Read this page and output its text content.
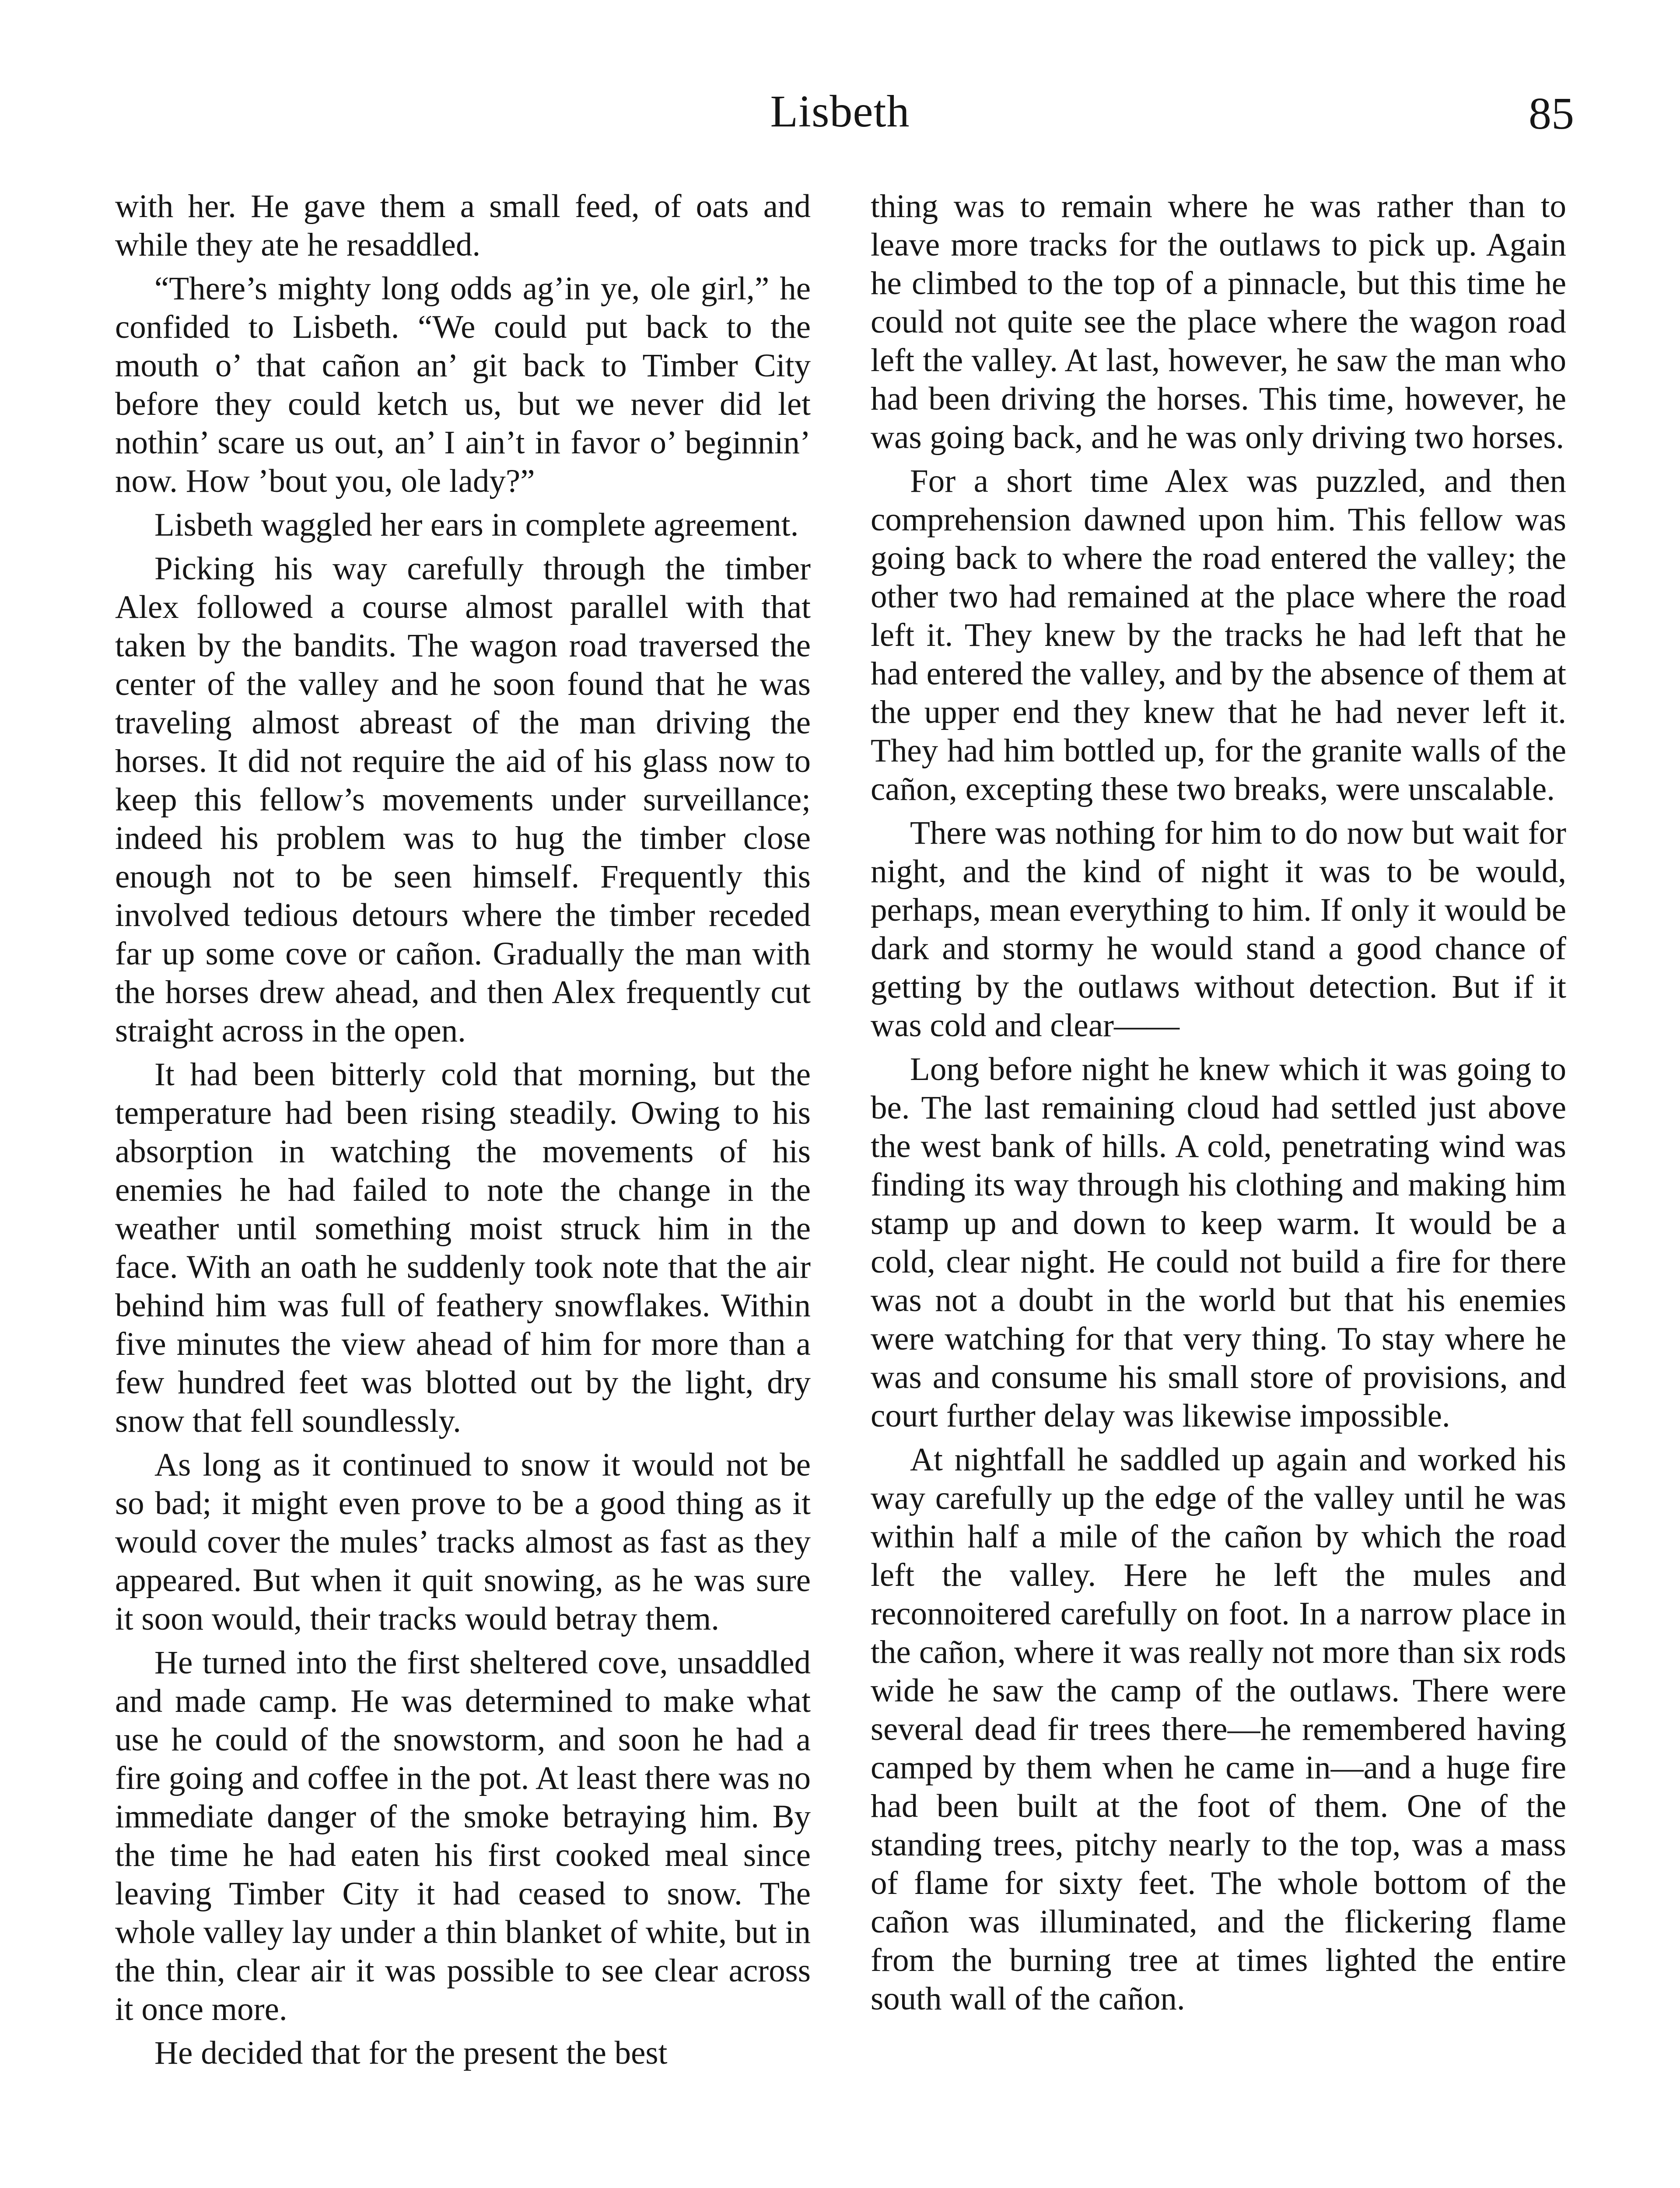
Lisbeth	85

with her. He gave them a small feed, of oats and while they ate he resaddled.

“There’s mighty long odds ag’in ye, ole girl,” he confided to Lisbeth. “We could put back to the mouth o’ that cañon an’ git back to Timber City before they could ketch us, but we never did let nothin’ scare us out, an’ I ain’t in favor o’ beginnin’ now. How ’bout you, ole lady?”

Lisbeth waggled her ears in complete agreement.

Picking his way carefully through the timber Alex followed a course almost parallel with that taken by the bandits. The wagon road traversed the center of the valley and he soon found that he was traveling almost abreast of the man driving the horses. It did not require the aid of his glass now to keep this fellow’s movements under surveillance; indeed his problem was to hug the timber close enough not to be seen himself. Frequently this involved tedious detours where the timber receded far up some cove or cañon. Gradually the man with the horses drew ahead, and then Alex frequently cut straight across in the open.

It had been bitterly cold that morning, but the temperature had been rising steadily. Owing to his absorption in watching the movements of his enemies he had failed to note the change in the weather until something moist struck him in the face. With an oath he suddenly took note that the air behind him was full of feathery snowflakes. Within five minutes the view ahead of him for more than a few hundred feet was blotted out by the light, dry snow that fell soundlessly.

As long as it continued to snow it would not be so bad; it might even prove to be a good thing as it would cover the mules’ tracks almost as fast as they appeared. But when it quit snowing, as he was sure it soon would, their tracks would betray them.

He turned into the first sheltered cove, unsaddled and made camp. He was determined to make what use he could of the snowstorm, and soon he had a fire going and coffee in the pot. At least there was no immediate danger of the smoke betraying him. By the time he had eaten his first cooked meal since leaving Timber City it had ceased to snow. The whole valley lay under a thin blanket of white, but in the thin, clear air it was possible to see clear across it once more.

He decided that for the present the best

thing was to remain where he was rather than to leave more tracks for the outlaws to pick up. Again he climbed to the top of a pinnacle, but this time he could not quite see the place where the wagon road left the valley. At last, however, he saw the man who had been driving the horses. This time, however, he was going back, and he was only driving two horses.

For a short time Alex was puzzled, and then comprehension dawned upon him. This fellow was going back to where the road entered the valley; the other two had remained at the place where the road left it. They knew by the tracks he had left that he had entered the valley, and by the absence of them at the upper end they knew that he had never left it. They had him bottled up, for the granite walls of the cañon, excepting these two breaks, were unscalable.

There was nothing for him to do now but wait for night, and the kind of night it was to be would, perhaps, mean everything to him. If only it would be dark and stormy he would stand a good chance of getting by the outlaws without detection. But if it was cold and clear——

Long before night he knew which it was going to be. The last remaining cloud had settled just above the west bank of hills. A cold, penetrating wind was finding its way through his clothing and making him stamp up and down to keep warm. It would be a cold, clear night. He could not build a fire for there was not a doubt in the world but that his enemies were watching for that very thing. To stay where he was and consume his small store of provisions, and court further delay was likewise impossible.

At nightfall he saddled up again and worked his way carefully up the edge of the valley until he was within half a mile of the cañon by which the road left the valley. Here he left the mules and reconnoitered carefully on foot. In a narrow place in the cañon, where it was really not more than six rods wide he saw the camp of the outlaws. There were several dead fir trees there—he remembered having camped by them when he came in—and a huge fire had been built at the foot of them. One of the standing trees, pitchy nearly to the top, was a mass of flame for sixty feet. The whole bottom of the cañon was illuminated, and the flickering flame from the burning tree at times lighted the entire south wall of the cañon.
